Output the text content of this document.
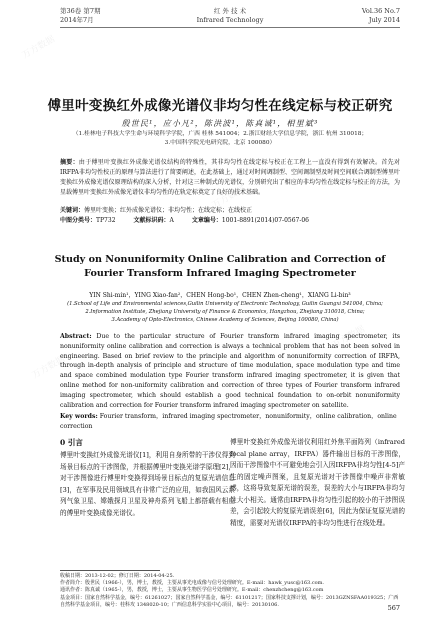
第36卷 第7期
2014年7月
红 外 技 术
Infrared Technology
Vol.36 No.7
July 2014
傅里叶变换红外成像光谱仪非均匀性在线定标与校正研究
殷世民¹，应小凡²，陈洪波¹，陈真诚¹，相里斌³
（1.桂林电子科技大学生命与环境科学学院，广西 桂林 541004；2.浙江财经大学信息学院，浙江 杭州 310018；
3.中国科学院光电研究院，北京 100080）
摘要：由于傅里叶变换红外成像光谱仪结构的特殊性，其非均匀性在线定标与校正在工程上一直没有得到有效解决。首先对IRFPA非均匀性校正的原理与算法进行了简要阐述，在此基础上，通过对时间调制型、空间调制型及时间空间联合调制型傅里叶变换红外成像光谱仪原理结构的深入分析，针对这三种制式的光谱仪，分别研究出了相应的非均匀性在线定标与校正的方法，为星载傅里叶变换红外成像光谱仪非均匀性的在轨定标奠定了良好的技术基础。
关键词：傅里叶变换；红外成像光谱仪；非均匀性；在线定标；在线校正
中图分类号：TP732	文献标识码：A	文章编号：1001-8891(2014)07-0567-06
Study on Nonuniformity Online Calibration and Correction of Fourier Transform Infrared Imaging Spectrometer
YIN Shi-min¹，YING Xiao-fan²，CHEN Hong-bo¹，CHEN Zhen-cheng¹，XIANG Li-bin³
(1.School of Life and Environmental sciences,Guilin University of Electronic Technology, Guilin Guangxi 541004, China;
2.Information Institute, Zhejiang University of Finance & Economics, Hangzhou, Zhejiang 310018, China;
3.Academy of Opto-Electronics, Chinese Academy of Sciences, Beijing 100080, China)
Abstract: Due to the particular structure of Fourier transform infrared imaging spectrometer, its nonuniformity online calibration and correction is always a technical problem that has not been solved in engineering. Based on brief review to the principle and algorithm of nonuniformity correction of IRFPA, through in-depth analysis of principle and structure of time modulation, space modulation type and time and space combined modulation type Fourier transform infrared imaging spectrometer, it is given that online method for non-uniformity calibration and correction of three types of Fourier transform infrared imaging spectrometer, which should establish a good technical foundation to on-orbit nonuniformity calibration and correction for Fourier transform infrared imaging spectrometer on satellite.
Key words: Fourier transform，infrared imaging spectrometer，nonuniformity，online calibration，online correction
0 引言
傅里叶变换红外成像光谱仪[1]，利用自身所带的干涉仪得到场景目标点的干涉图像，并根据傅里叶变换光谱学原理[2]，对干涉图像进行傅里叶变换得到场景目标点的复原光谱信息[3]，在军事及民用领域具有非常广泛的应用，如我国风云系列气象卫星、嫦娥探月卫星及神舟系列飞船上都搭载有相应的傅里叶变换成像光谱仪。
傅里叶变换红外成像光谱仪利用红外焦平面阵列（infrared focal plane array，IRFPA）器件输出目标的干涉图像，因而干涉图像中不可避免地会引入因IRFPA非均匀性[4-5]产生的固定噪声图案，且复原光谱对干涉图像中噪声非常敏感，这将导致复原光谱的误差，误差的大小与IRFPA非均匀性大小相关。通常由IRFPA非均匀性引起的较小的干涉图误差，会引起较大的复原光谱误差[6]，因此为保证复原光谱的精度，需要对光谱仪IRFPA的非均匀性进行在线处理。
收稿日期：2013-12-02；修订日期：2014-04-25.
作者简介：殷世民（1966-），男，博士，教授，主要从事光电成像与信号处理研究。E-mail：hawk_yusc@163.com.
通讯作者：陈真诚（1965-），男，教授，博士，主要从事生物医学信号处理研究。E-mail：chenzhcheng@163.com
基金项目：国家自然科学基金，编号：61261027；国家自然科学基金，编号：61101217；国家科技支撑计划，编号：2013GZNSFAA019325；广西自然科学基金项目，编号：桂科攻 1348020-10；广西信息科学实验中心项目，编号：20130106.	567
万方数据
万方数据
万方数据
万方数据
万方数据
